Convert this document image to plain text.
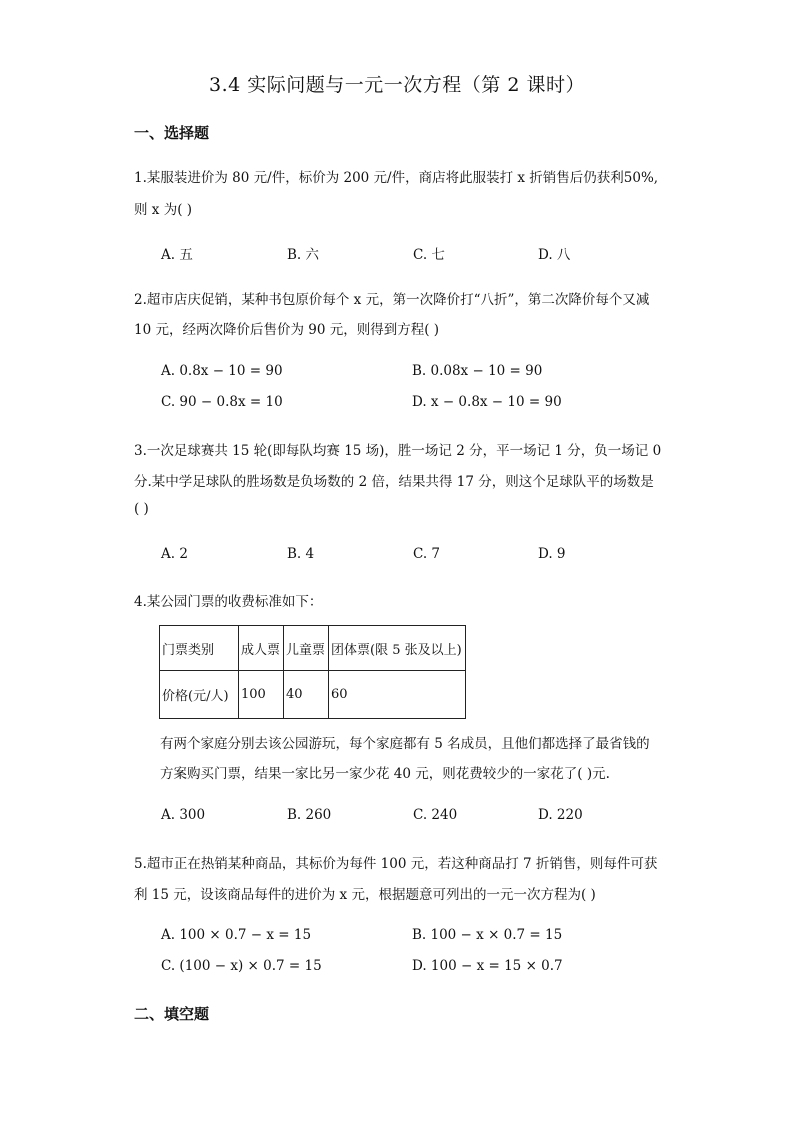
3.4 实际问题与一元一次方程（第 2 课时）
一、选择题
1.某服装进价为 80 元/件，标价为 200 元/件，商店将此服装打 x 折销售后仍获利50%,
则 x 为( )
A. 五	B. 六	C. 七	D. 八
2.超市店庆促销，某种书包原价每个 x 元，第一次降价打“八折”，第二次降价每个又减
10 元，经两次降价后售价为 90 元，则得到方程( )
A. 0.8x − 10 = 90	B. 0.08x − 10 = 90
C. 90 − 0.8x = 10	D. x − 0.8x − 10 = 90
3.一次足球赛共 15 轮(即每队均赛 15 场)，胜一场记 2 分，平一场记 1 分，负一场记 0
分.某中学足球队的胜场数是负场数的 2 倍，结果共得 17 分，则这个足球队平的场数是
( )
A. 2	B. 4	C. 7	D. 9
4.某公园门票的收费标准如下：
门票类别	成人票	儿童票	团体票(限 5 张及以上)
价格(元/人)	100	40	60
有两个家庭分别去该公园游玩，每个家庭都有 5 名成员，且他们都选择了最省钱的
方案购买门票，结果一家比另一家少花 40 元，则花费较少的一家花了( )元.
A. 300	B. 260	C. 240	D. 220
5.超市正在热销某种商品，其标价为每件 100 元，若这种商品打 7 折销售，则每件可获
利 15 元，设该商品每件的进价为 x 元，根据题意可列出的一元一次方程为( )
A. 100 × 0.7 − x = 15	B. 100 − x × 0.7 = 15
C. (100 − x) × 0.7 = 15	D. 100 − x = 15 × 0.7
二、填空题
